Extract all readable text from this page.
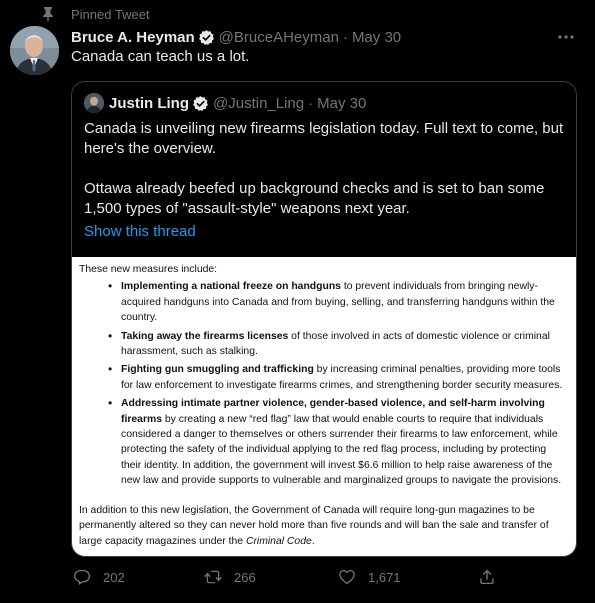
Pinned Tweet
Bruce A. Heyman @BruceAHeyman · May 30
Canada can teach us a lot.
Justin Ling @Justin_Ling · May 30

Canada is unveiling new firearms legislation today. Full text to come, but here's the overview.

Ottawa already beefed up background checks and is set to ban some 1,500 types of "assault-style" weapons next year.

Show this thread
These new measures include:
• Implementing a national freeze on handguns to prevent individuals from bringing newly-acquired handguns into Canada and from buying, selling, and transferring handguns within the country.
• Taking away the firearms licenses of those involved in acts of domestic violence or criminal harassment, such as stalking.
• Fighting gun smuggling and trafficking by increasing criminal penalties, providing more tools for law enforcement to investigate firearms crimes, and strengthening border security measures.
• Addressing intimate partner violence, gender-based violence, and self-harm involving firearms by creating a new “red flag” law that would enable courts to require that individuals considered a danger to themselves or others surrender their firearms to law enforcement, while protecting the safety of the individual applying to the red flag process, including by protecting their identity. In addition, the government will invest $6.6 million to help raise awareness of the new law and provide supports to vulnerable and marginalized groups to navigate the provisions.
In addition to this new legislation, the Government of Canada will require long-gun magazines to be permanently altered so they can never hold more than five rounds and will ban the sale and transfer of large capacity magazines under the Criminal Code.
202	266	1,671
